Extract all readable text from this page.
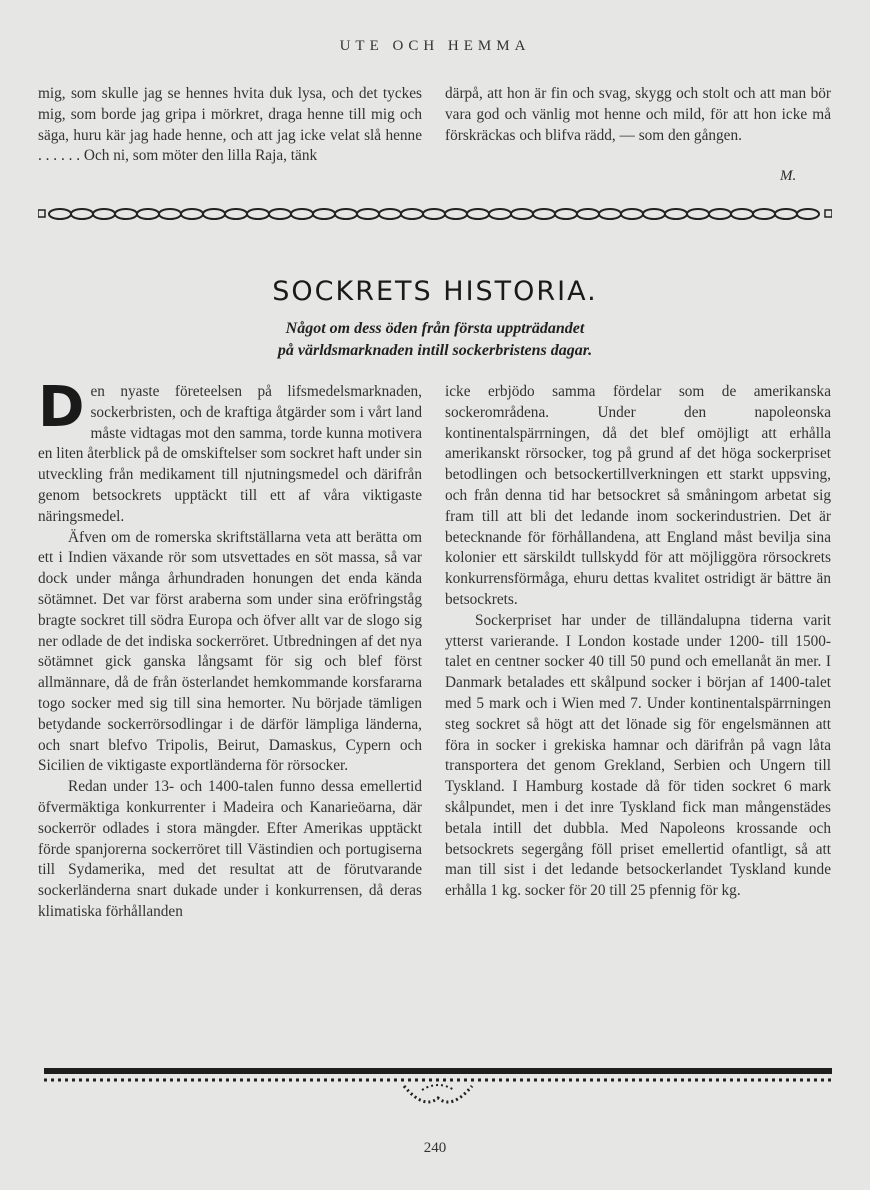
UTE OCH HEMMA

mig, som skulle jag se hennes hvita duk lysa, och det tyckes mig, som borde jag gripa i mörkret, draga henne till mig och säga, huru kär jag hade henne, och att jag icke velat slå henne . . . . . . Och ni, som möter den lilla Raja, tänk

därpå, att hon är fin och svag, skygg och stolt och att man bör vara god och vänlig mot henne och mild, för att hon icke må förskräckas och blifva rädd, — som den gången.

M.
SOCKRETS HISTORIA.
Något om dess öden från första uppträdandet
på världsmarknaden intill sockerbristens dagar.
D en nyaste företeelsen på lifsmedelsmarknaden, sockerbristen, och de kraftiga åtgärder som i vårt land måste vidtagas mot den samma, torde kunna motivera en liten återblick på de omskiftelser som sockret haft under sin utveckling från medikament till njutningsmedel och därifrån genom betsockrets upptäckt till ett af våra viktigaste näringsmedel.

Äfven om de romerska skriftställarna veta att berätta om ett i Indien växande rör som utsvettades en söt massa, så var dock under många århundraden honungen det enda kända sötämnet. Det var först araberna som under sina eröfringståg bragte sockret till södra Europa och öfver allt var de slogo sig ner odlade de det indiska sockerröret. Utbredningen af det nya sötämnet gick ganska långsamt för sig och blef först allmännare, då de från österlandet hemkommande korsfararna togo socker med sig till sina hemorter. Nu började tämligen betydande sockerrörsodlingar i de därför lämpliga länderna, och snart blefvo Tripolis, Beirut, Damaskus, Cypern och Sicilien de viktigaste exportländerna för rörsocker.

Redan under 13- och 1400-talen funno dessa emellertid öfvermäktiga konkurrenter i Madeira och Kanarieöarna, där sockerrör odlades i stora mängder. Efter Amerikas upptäckt förde spanjorerna sockerröret till Västindien och portugiserna till Sydamerika, med det resultat att de förutvarande sockerländerna snart dukade under i konkurrensen, då deras klimatiska förhållanden

icke erbjödo samma fördelar som de amerikanska sockerområdena. Under den napoleonska kontinentalspärrningen, då det blef omöjligt att erhålla amerikanskt rörsocker, tog på grund af det höga sockerpriset betodlingen och betsockertillverkningen ett starkt uppsving, och från denna tid har betsockret så småningom arbetat sig fram till att bli det ledande inom sockerindustrien. Det är betecknande för förhållandena, att England måst bevilja sina kolonier ett särskildt tullskydd för att möjliggöra rörsockrets konkurrensförmåga, ehuru dettas kvalitet ostridigt är bättre än betsockrets.

Sockerpriset har under de tilländalupna tiderna varit ytterst varierande. I London kostade under 1200- till 1500-talet en centner socker 40 till 50 pund och emellanåt än mer. I Danmark betalades ett skålpund socker i början af 1400-talet med 5 mark och i Wien med 7. Under kontinentalspärrningen steg sockret så högt att det lönade sig för engelsmännen att föra in socker i grekiska hamnar och därifrån på vagn låta transportera det genom Grekland, Serbien och Ungern till Tyskland. I Hamburg kostade då för tiden sockret 6 mark skålpundet, men i det inre Tyskland fick man mångenstädes betala intill det dubbla. Med Napoleons krossande och betsockrets segergång föll priset emellertid ofantligt, så att man till sist i det ledande betsockerlandet Tyskland kunde erhålla 1 kg. socker för 20 till 25 pfennig för kg.

240
